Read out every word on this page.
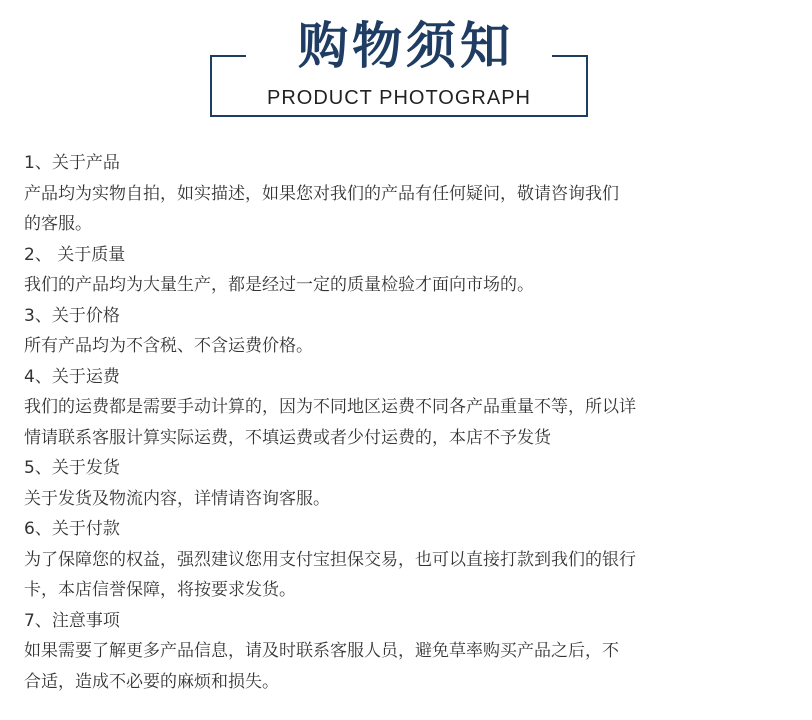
购物须知
PRODUCT PHOTOGRAPH
1、关于产品
产品均为实物自拍，如实描述，如果您对我们的产品有任何疑问，敬请咨询我们
的客服。
2、 关于质量
我们的产品均为大量生产，都是经过一定的质量检验才面向市场的。
3、关于价格
所有产品均为不含税、不含运费价格。
4、关于运费
我们的运费都是需要手动计算的，因为不同地区运费不同各产品重量不等，所以详
情请联系客服计算实际运费，不填运费或者少付运费的，本店不予发货
5、关于发货
关于发货及物流内容，详情请咨询客服。
6、关于付款
为了保障您的权益，强烈建议您用支付宝担保交易，也可以直接打款到我们的银行
卡，本店信誉保障，将按要求发货。
7、注意事项
如果需要了解更多产品信息，请及时联系客服人员，避免草率购买产品之后，不
合适，造成不必要的麻烦和损失。
